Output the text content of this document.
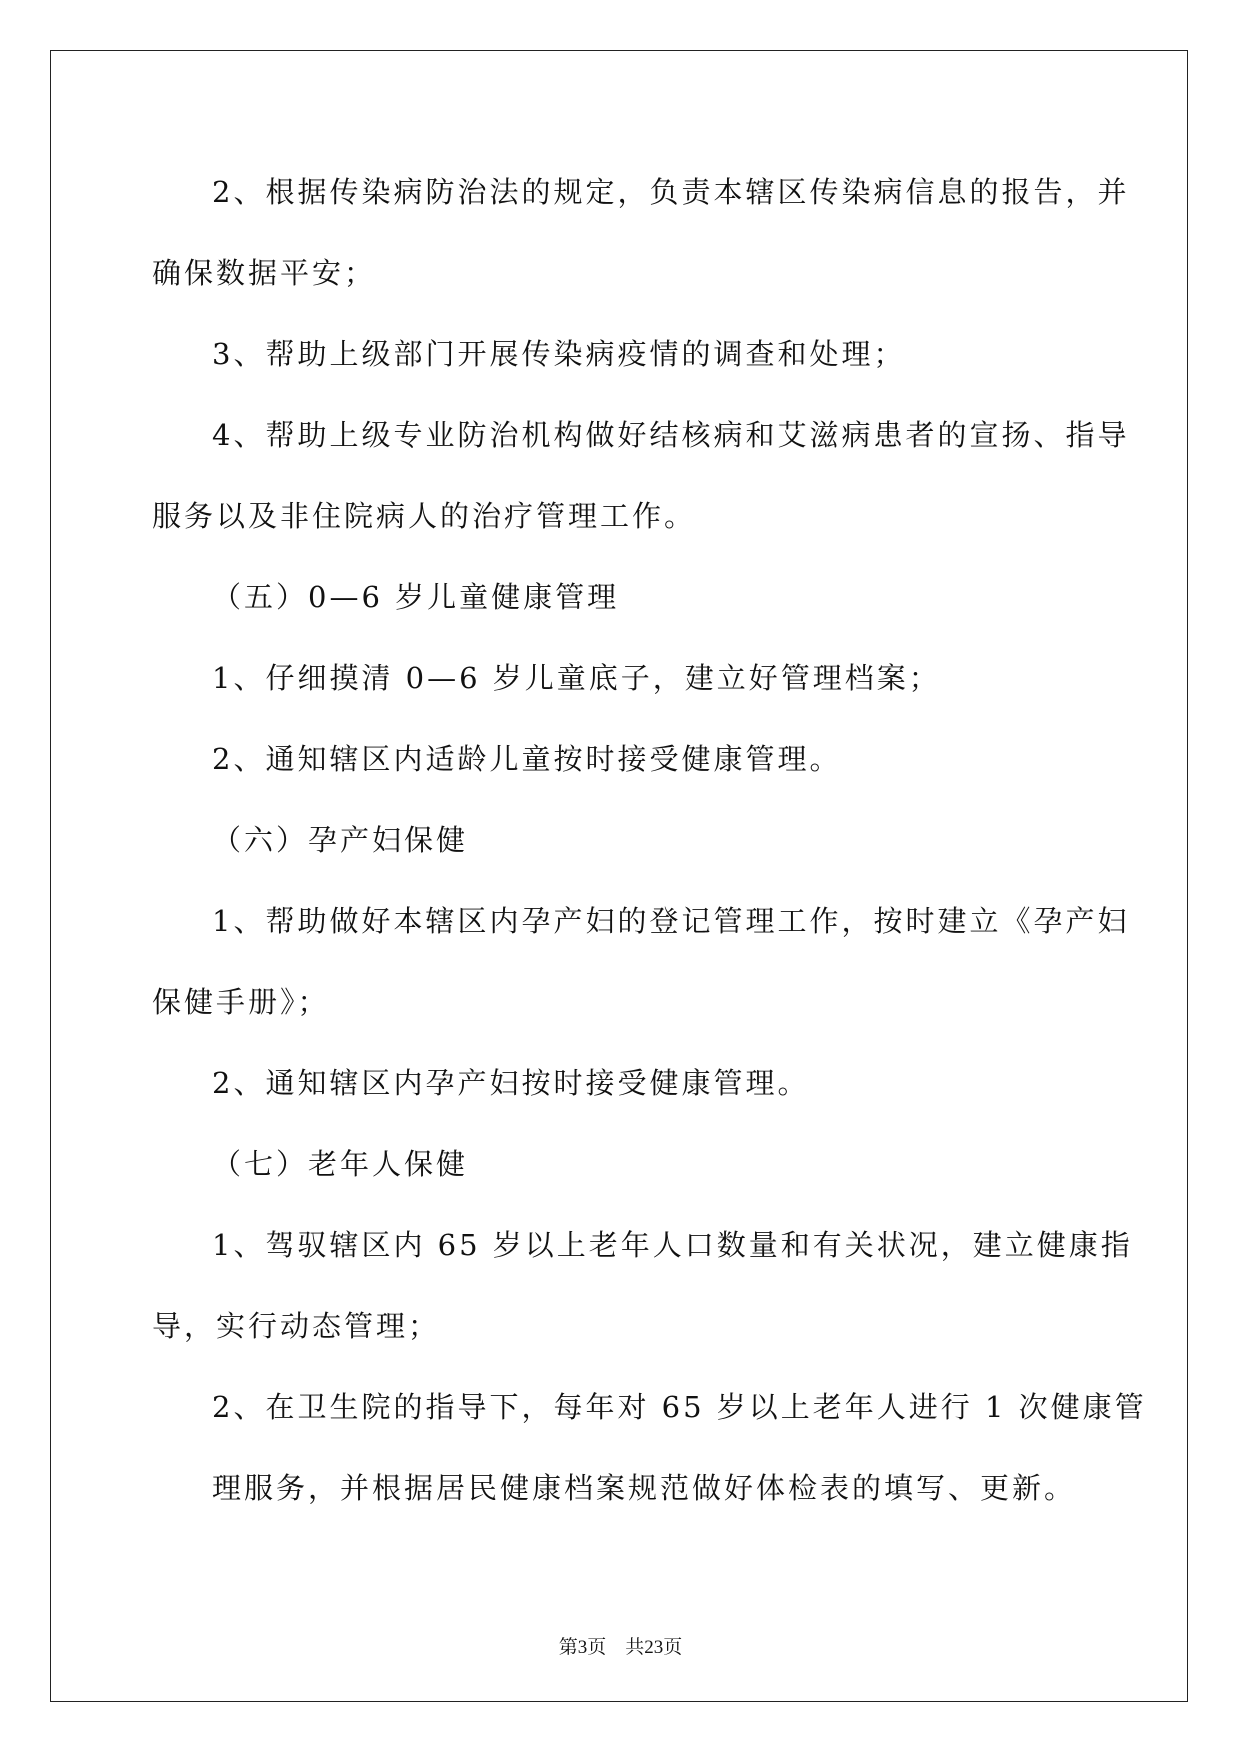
2、根据传染病防治法的规定，负责本辖区传染病信息的报告，并

确保数据平安；

3、帮助上级部门开展传染病疫情的调查和处理；

4、帮助上级专业防治机构做好结核病和艾滋病患者的宣扬、指导

服务以及非住院病人的治疗管理工作。

（五）0—6 岁儿童健康管理

1、仔细摸清 0—6 岁儿童底子，建立好管理档案；

2、通知辖区内适龄儿童按时接受健康管理。

（六）孕产妇保健

1、帮助做好本辖区内孕产妇的登记管理工作，按时建立《孕产妇

保健手册》；

2、通知辖区内孕产妇按时接受健康管理。

（七）老年人保健

1、驾驭辖区内 65 岁以上老年人口数量和有关状况，建立健康指

导，实行动态管理；

2、在卫生院的指导下，每年对 65 岁以上老年人进行 1 次健康管

理服务，并根据居民健康档案规范做好体检表的填写、更新。

第3页 共23页
